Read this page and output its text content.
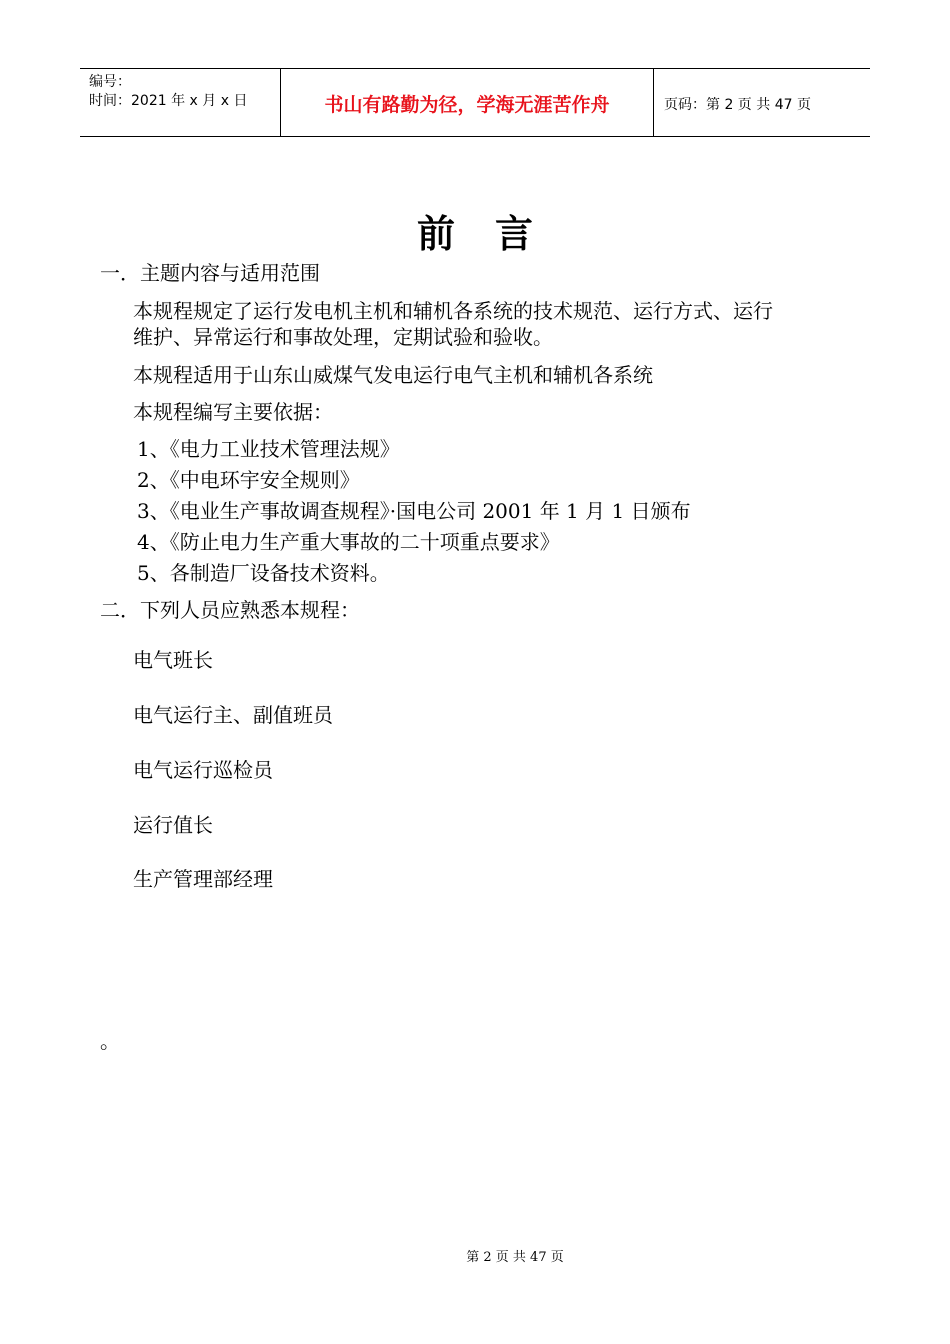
编号：
时间：2021 年 x 月 x 日	书山有路勤为径，学海无涯苦作舟	页码：第 2 页 共 47 页
前言
一．主题内容与适用范围
本规程规定了运行发电机主机和辅机各系统的技术规范、运行方式、运行
维护、异常运行和事故处理，定期试验和验收。
本规程适用于山东山威煤气发电运行电气主机和辅机各系统
本规程编写主要依据：
1、《电力工业技术管理法规》
2、《中电环宇安全规则》
3、《电业生产事故调查规程》·国电公司 2001 年 1 月 1 日颁布
4、《防止电力生产重大事故的二十项重点要求》
5、各制造厂设备技术资料。
二．下列人员应熟悉本规程：
电气班长
电气运行主、副值班员
电气运行巡检员
运行值长
生产管理部经理
。
第 2 页 共 47 页
